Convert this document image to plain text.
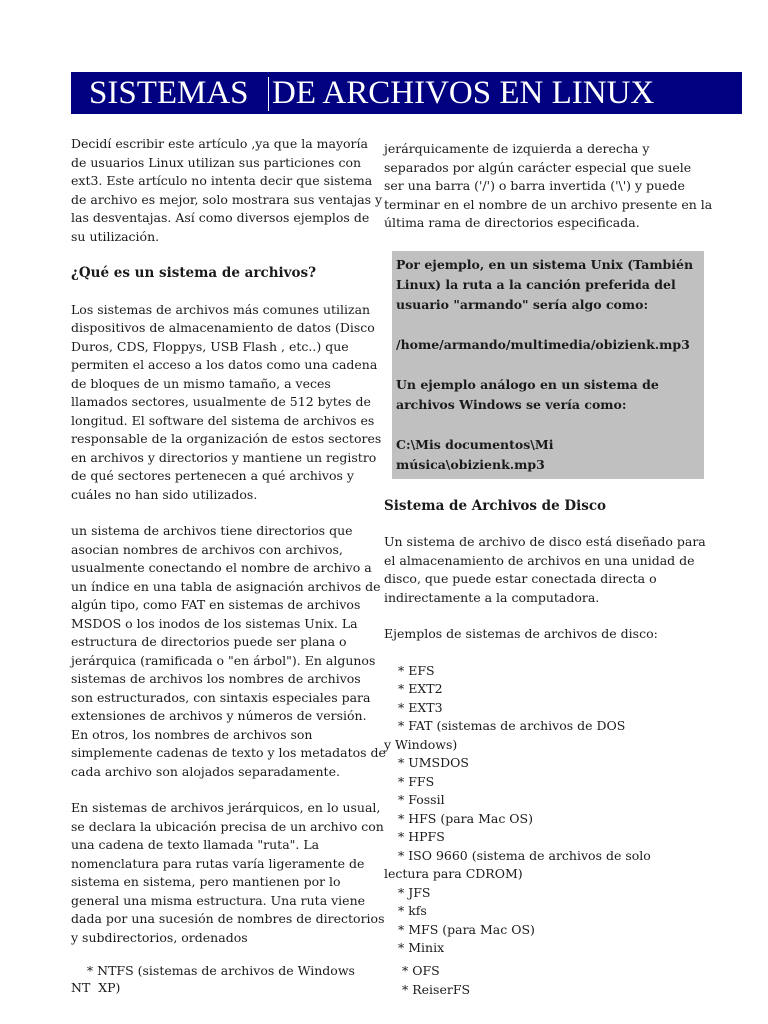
SISTEMAS DE ARCHIVOS EN LINUX

Decidí escribir este artículo ,ya que la mayoría de usuarios Linux utilizan sus particiones con ext3. Este artículo no intenta decir que sistema de archivo es mejor, solo mostrara sus ventajas y las desventajas. Así como diversos ejemplos de su utilización.

¿Qué es un sistema de archivos?

Los sistemas de archivos más comunes utilizan dispositivos de almacenamiento de datos (Disco Duros, CDS, Floppys, USB Flash , etc..) que permiten el acceso a los datos como una cadena de bloques de un mismo tamaño, a veces llamados sectores, usualmente de 512 bytes de longitud. El software del sistema de archivos es responsable de la organización de estos sectores en archivos y directorios y mantiene un registro de qué sectores pertenecen a qué archivos y cuáles no han sido utilizados.

un sistema de archivos tiene directorios que asocian nombres de archivos con archivos, usualmente conectando el nombre de archivo a un índice en una tabla de asignación archivos de algún tipo, como FAT en sistemas de archivos MSDOS o los inodos de los sistemas Unix. La estructura de directorios puede ser plana o jerárquica (ramificada o "en árbol"). En algunos sistemas de archivos los nombres de archivos son estructurados, con sintaxis especiales para extensiones de archivos y números de versión. En otros, los nombres de archivos son simplemente cadenas de texto y los metadatos de cada archivo son alojados separadamente.

En sistemas de archivos jerárquicos, en lo usual, se declara la ubicación precisa de un archivo con una cadena de texto llamada "ruta". La nomenclatura para rutas varía ligeramente de sistema en sistema, pero mantienen por lo general una misma estructura. Una ruta viene dada por una sucesión de nombres de directorios y subdirectorios, ordenados

* NTFS (sistemas de archivos de Windows NT  XP)

jerárquicamente de izquierda a derecha y separados por algún carácter especial que suele ser una barra ('/') o barra invertida ('\') y puede terminar en el nombre de un archivo presente en la última rama de directorios especificada.

Por ejemplo, en un sistema Unix (También Linux) la ruta a la canción preferida del usuario "armando" sería algo como:

/home/armando/multimedia/obizienk.mp3

Un ejemplo análogo en un sistema de archivos Windows se vería como:

C:\Mis documentos\Mi música\obizienk.mp3

Sistema de Archivos de Disco

Un sistema de archivo de disco está diseñado para el almacenamiento de archivos en una unidad de disco, que puede estar conectada directa o indirectamente a la computadora.

Ejemplos de sistemas de archivos de disco:

* EFS
* EXT2
* EXT3
* FAT (sistemas de archivos de DOS
y Windows)
* UMSDOS
* FFS
* Fossil
* HFS (para Mac OS)
* HPFS
* ISO 9660 (sistema de archivos de solo
lectura para CDROM)
* JFS
* kfs
* MFS (para Mac OS)
* Minix
* OFS
* ReiserFS
